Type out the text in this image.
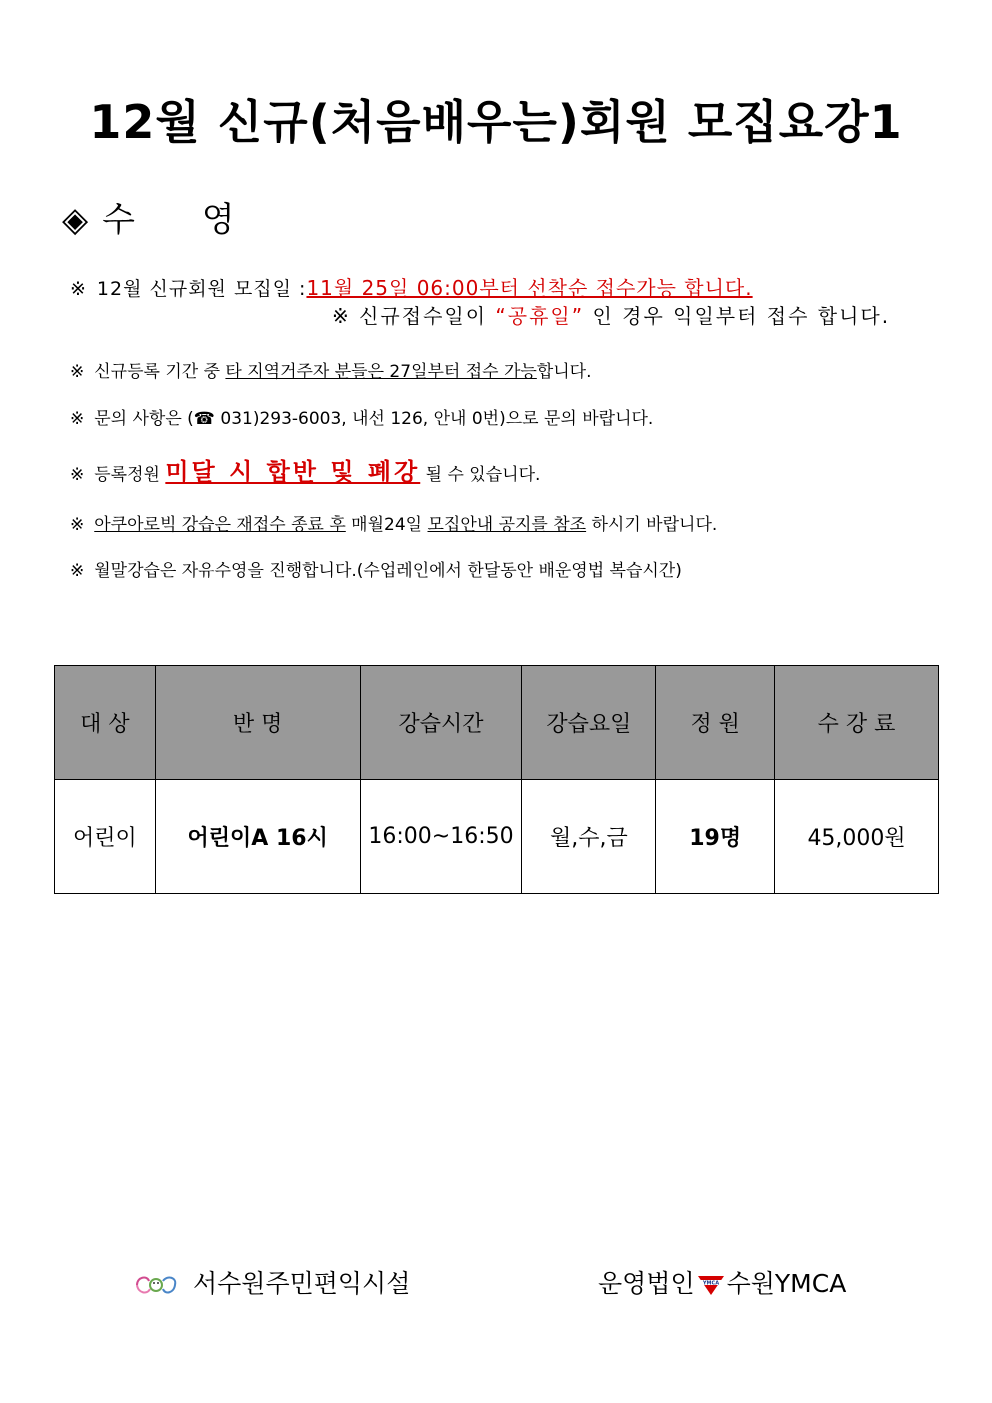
12월 신규(처음배우는)회원 모집요강1
◈ 수 영
※ 12월 신규회원 모집일 :11월 25일 06:00부터 선착순 접수가능 합니다.
※ 신규접수일이 “공휴일” 인 경우 익일부터 접수 합니다.
※ 신규등록 기간 중 타 지역거주자 분들은 27일부터 접수 가능합니다.
※ 문의 사항은 (☎ 031)293-6003, 내선 126, 안내 0번)으로 문의 바랍니다.
※ 등록정원 미달 시 합반 및 폐강 될 수 있습니다.
※ 아쿠아로빅 강습은 재접수 종료 후 매월24일 모집안내 공지를 참조 하시기 바랍니다.
※ 월말강습은 자유수영을 진행합니다.(수업레인에서 한달동안 배운영법 복습시간)
대 상	반 명	강습시간	강습요일	정 원	수 강 료
어린이	어린이A 16시	16:00~16:50	월,수,금	19명	45,000원
서수원주민편익시설	운영법인 YMCA 수원YMCA
